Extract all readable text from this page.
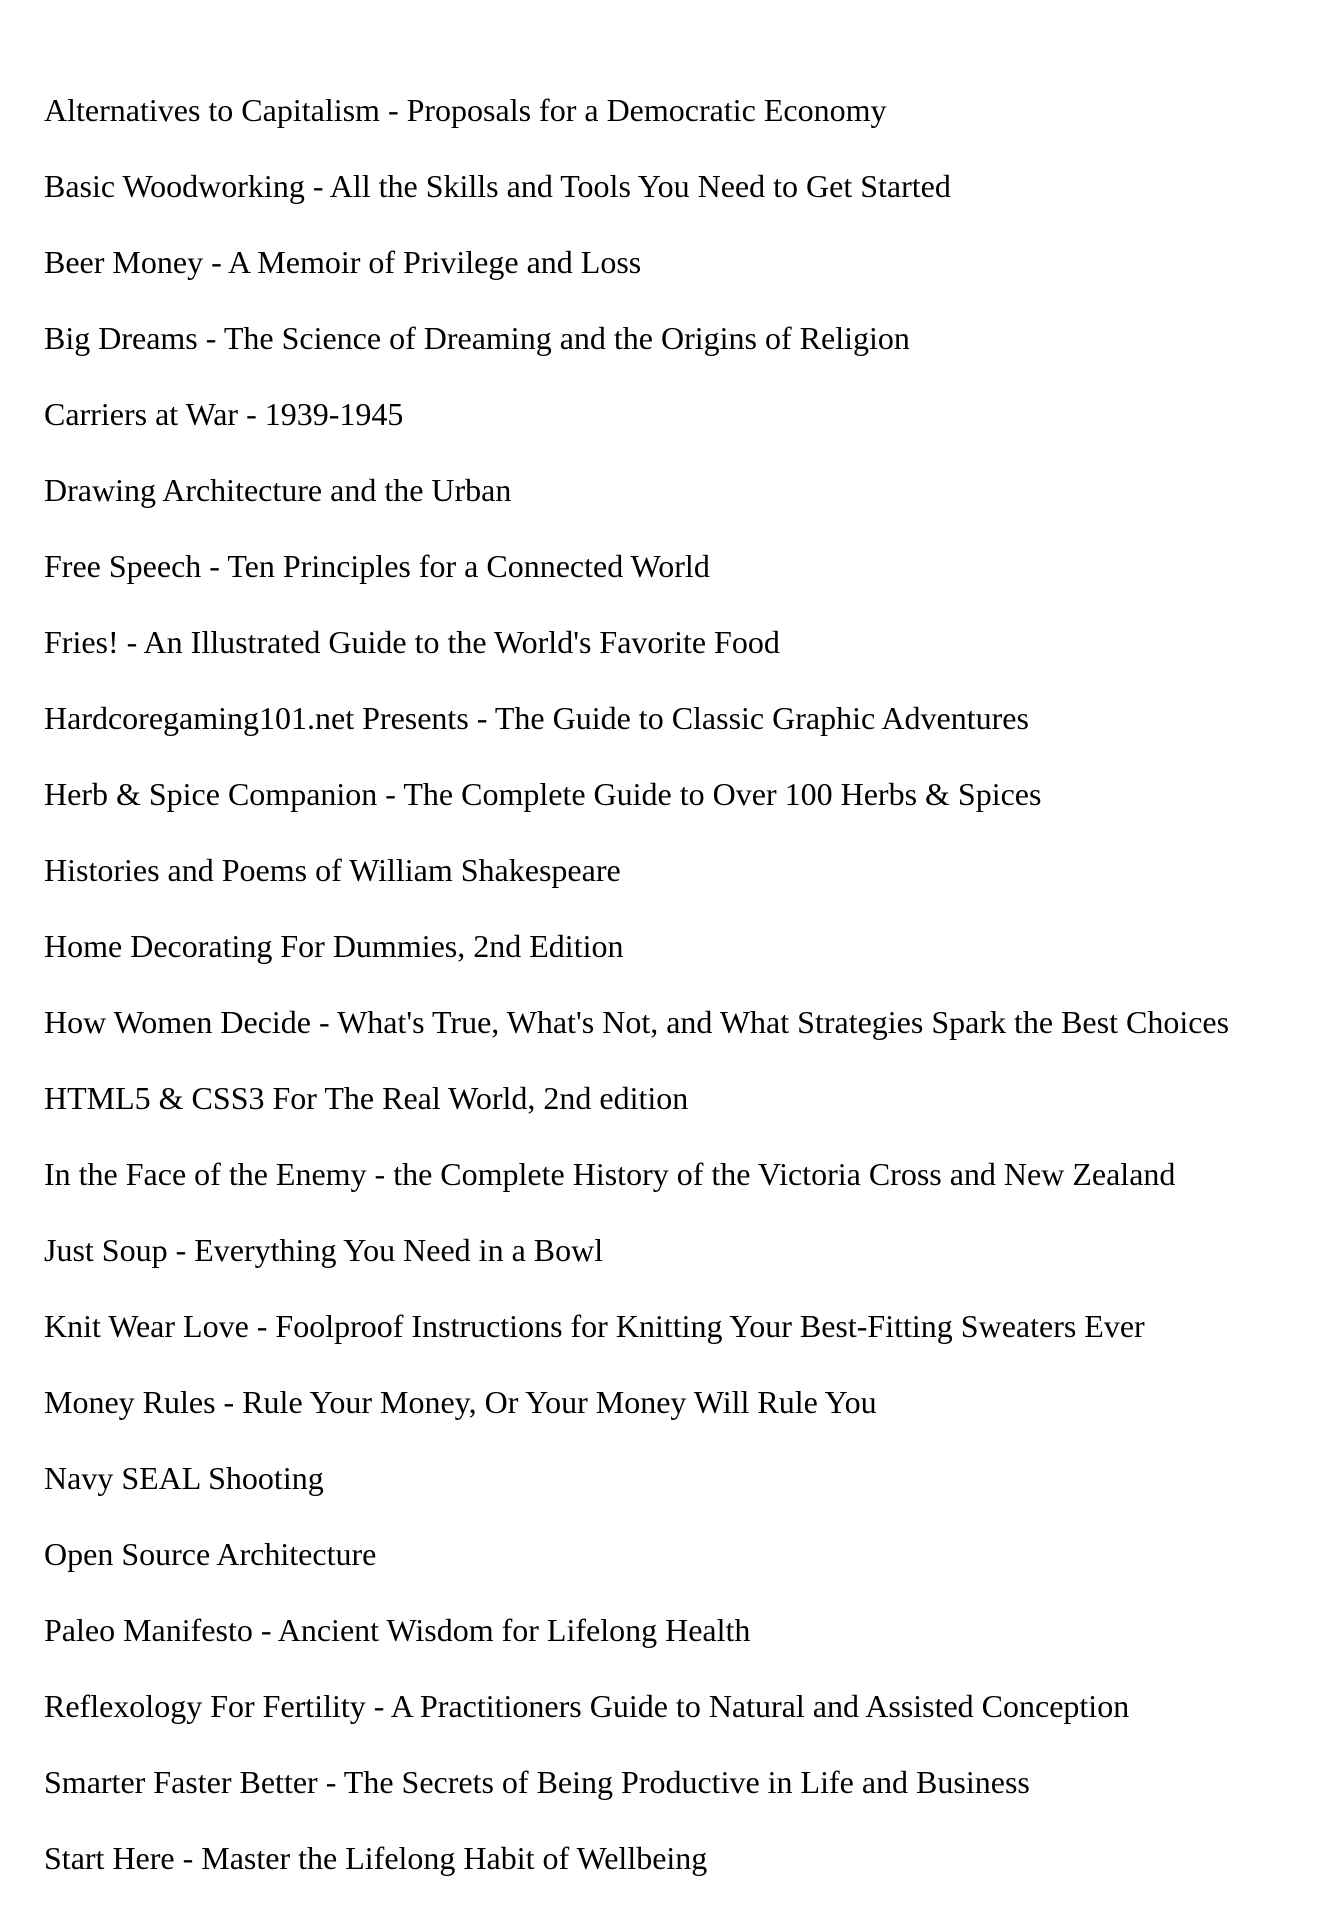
Alternatives to Capitalism - Proposals for a Democratic Economy
Basic Woodworking - All the Skills and Tools You Need to Get Started
Beer Money - A Memoir of Privilege and Loss
Big Dreams - The Science of Dreaming and the Origins of Religion
Carriers at War - 1939-1945
Drawing Architecture and the Urban
Free Speech - Ten Principles for a Connected World
Fries! - An Illustrated Guide to the World's Favorite Food
Hardcoregaming101.net Presents - The Guide to Classic Graphic Adventures
Herb & Spice Companion - The Complete Guide to Over 100 Herbs & Spices
Histories and Poems of William Shakespeare
Home Decorating For Dummies, 2nd Edition
How Women Decide - What's True, What's Not, and What Strategies Spark the Best Choices
HTML5 & CSS3 For The Real World, 2nd edition
In the Face of the Enemy - the Complete History of the Victoria Cross and New Zealand
Just Soup - Everything You Need in a Bowl
Knit Wear Love - Foolproof Instructions for Knitting Your Best-Fitting Sweaters Ever
Money Rules - Rule Your Money, Or Your Money Will Rule You
Navy SEAL Shooting
Open Source Architecture
Paleo Manifesto - Ancient Wisdom for Lifelong Health
Reflexology For Fertility - A Practitioners Guide to Natural and Assisted Conception
Smarter Faster Better - The Secrets of Being Productive in Life and Business
Start Here - Master the Lifelong Habit of Wellbeing
